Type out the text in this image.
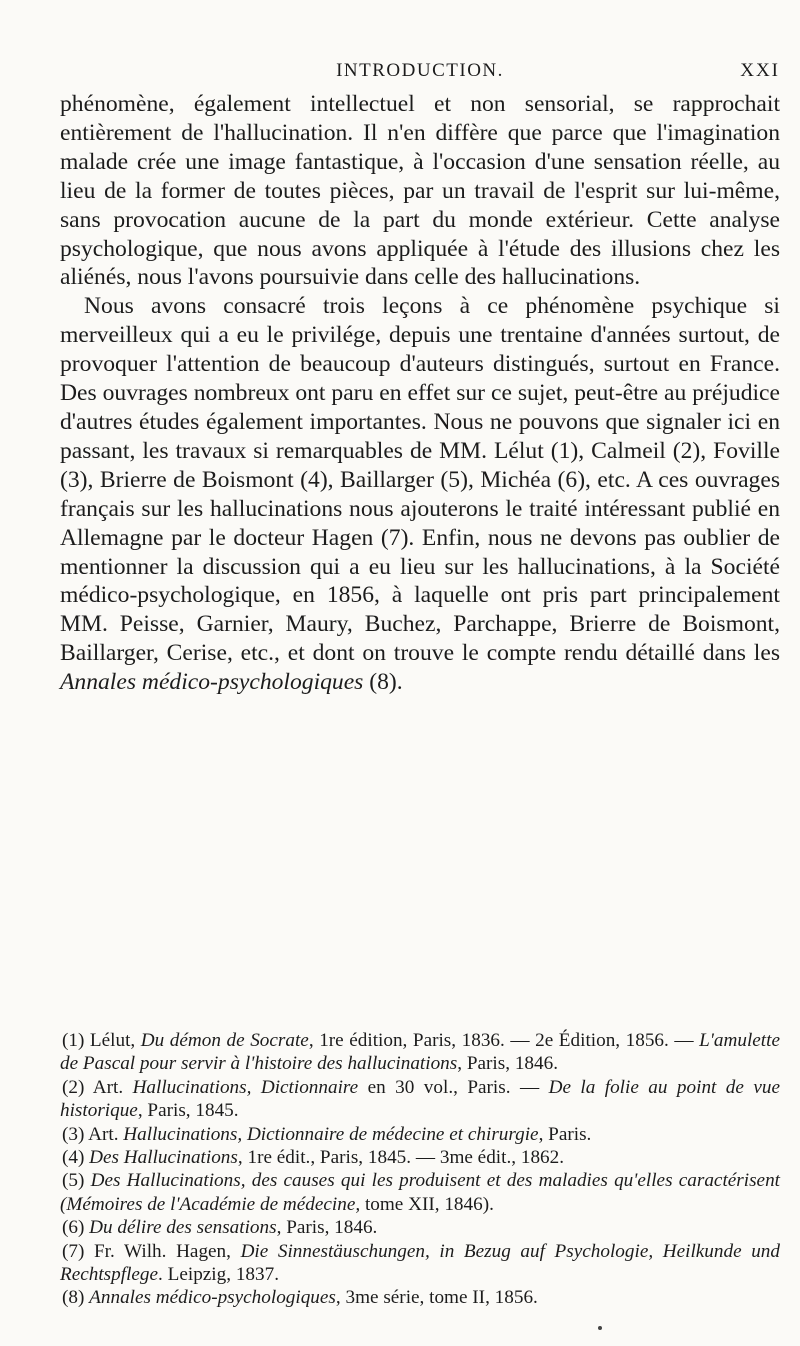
INTRODUCTION.	XXI

phénomène, également intellectuel et non sensorial, se rapprochait entièrement de l'hallucination. Il n'en diffère que parce que l'imagination malade crée une image fantastique, à l'occasion d'une sensation réelle, au lieu de la former de toutes pièces, par un travail de l'esprit sur lui-même, sans provocation aucune de la part du monde extérieur. Cette analyse psychologique, que nous avons appliquée à l'étude des illusions chez les aliénés, nous l'avons poursuivie dans celle des hallucinations.

Nous avons consacré trois leçons à ce phénomène psychique si merveilleux qui a eu le privilége, depuis une trentaine d'années surtout, de provoquer l'attention de beaucoup d'auteurs distingués, surtout en France. Des ouvrages nombreux ont paru en effet sur ce sujet, peut-être au préjudice d'autres études également importantes. Nous ne pouvons que signaler ici en passant, les travaux si remarquables de MM. Lélut (1), Calmeil (2), Foville (3), Brierre de Boismont (4), Baillarger (5), Michéa (6), etc. A ces ouvrages français sur les hallucinations nous ajouterons le traité intéressant publié en Allemagne par le docteur Hagen (7). Enfin, nous ne devons pas oublier de mentionner la discussion qui a eu lieu sur les hallucinations, à la Société médico-psychologique, en 1856, à laquelle ont pris part principalement MM. Peisse, Garnier, Maury, Buchez, Parchappe, Brierre de Boismont, Baillarger, Cerise, etc., et dont on trouve le compte rendu détaillé dans les Annales médico-psychologiques (8).

(1) Lélut, Du démon de Socrate, 1re édition, Paris, 1836. — 2e Édition, 1856. — L'amulette de Pascal pour servir à l'histoire des hallucinations, Paris, 1846.

(2) Art. Hallucinations, Dictionnaire en 30 vol., Paris. — De la folie au point de vue historique, Paris, 1845.

(3) Art. Hallucinations, Dictionnaire de médecine et chirurgie, Paris.

(4) Des Hallucinations, 1re édit., Paris, 1845. — 3me édit., 1862.

(5) Des Hallucinations, des causes qui les produisent et des maladies qu'elles caractérisent (Mémoires de l'Académie de médecine, tome XII, 1846).

(6) Du délire des sensations, Paris, 1846.

(7) Fr. Wilh. Hagen, Die Sinnestäuschungen, in Bezug auf Psychologie, Heilkunde und Rechtspflege. Leipzig, 1837.

(8) Annales médico-psychologiques, 3me série, tome II, 1856.
